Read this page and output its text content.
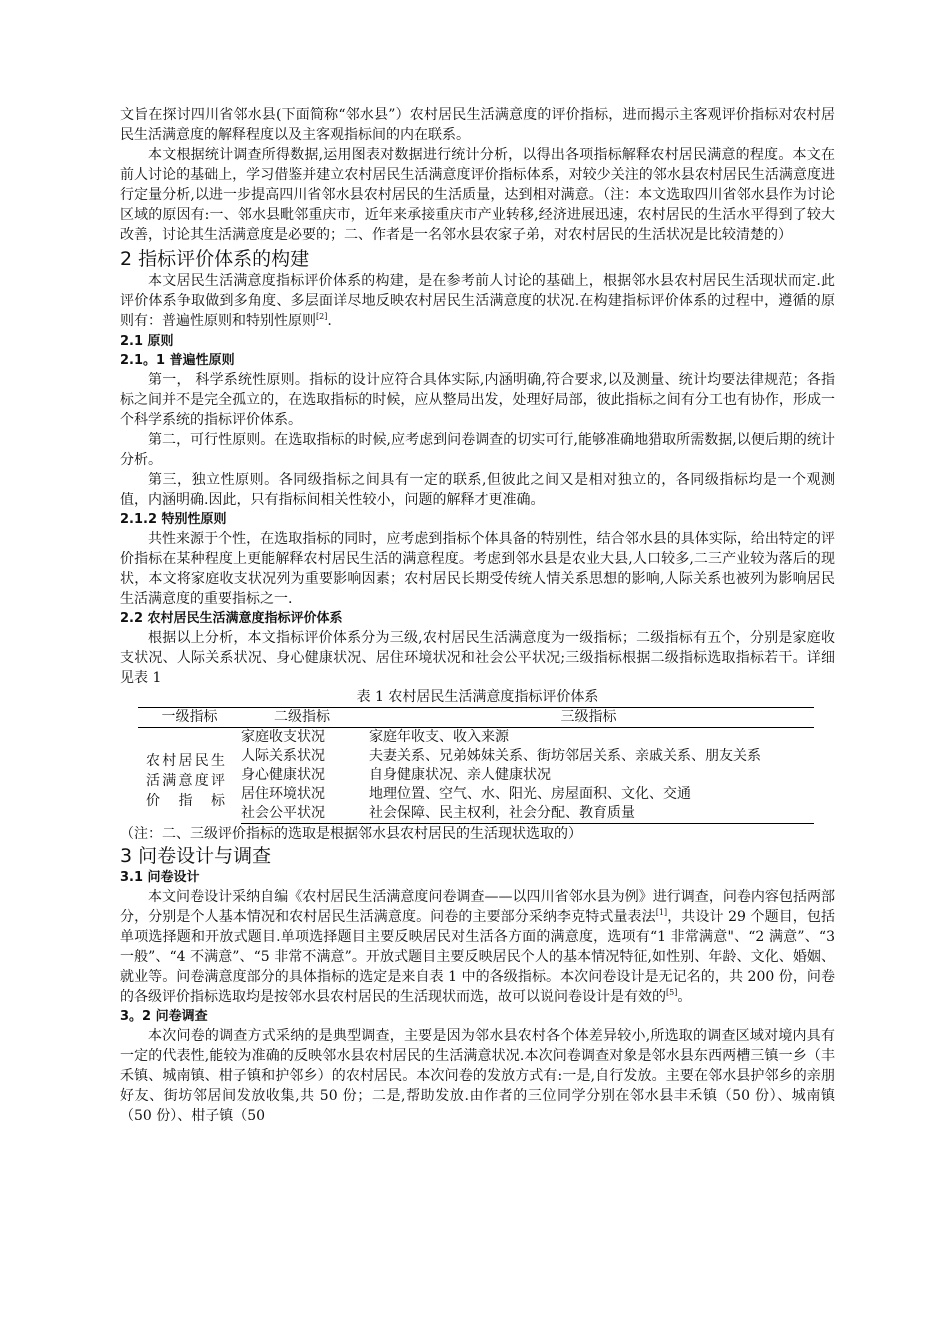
文旨在探讨四川省邻水县(下面简称“邻水县”）农村居民生活满意度的评价指标，进而揭示主客观评价指标对农村居民生活满意度的解释程度以及主客观指标间的内在联系。

本文根据统计调查所得数据,运用图表对数据进行统计分析，以得出各项指标解释农村居民满意的程度。本文在前人讨论的基础上，学习借鉴并建立农村居民生活满意度评价指标体系，对较少关注的邻水县农村居民生活满意度进行定量分析,以进一步提高四川省邻水县农村居民的生活质量，达到相对满意。（注：本文选取四川省邻水县作为讨论区域的原因有:一、邻水县毗邻重庆市，近年来承接重庆市产业转移,经济进展迅速，农村居民的生活水平得到了较大改善，讨论其生活满意度是必要的；二、作者是一名邻水县农家子弟，对农村居民的生活状况是比较清楚的）

2 指标评价体系的构建

本文居民生活满意度指标评价体系的构建，是在参考前人讨论的基础上，根据邻水县农村居民生活现状而定.此评价体系争取做到多角度、多层面详尽地反映农村居民生活满意度的状况.在构建指标评价体系的过程中，遵循的原则有：普遍性原则和特别性原则[2].

2.1 原则
2.1。1 普遍性原则

第一， 科学系统性原则。指标的设计应符合具体实际,内涵明确,符合要求,以及测量、统计均要法律规范；各指标之间并不是完全孤立的，在选取指标的时候，应从整局出发，处理好局部，彼此指标之间有分工也有协作，形成一个科学系统的指标评价体系。

第二，可行性原则。在选取指标的时候,应考虑到问卷调查的切实可行,能够准确地猎取所需数据,以便后期的统计分析。

第三，独立性原则。各同级指标之间具有一定的联系,但彼此之间又是相对独立的，各同级指标均是一个观测值，内涵明确.因此，只有指标间相关性较小，问题的解释才更准确。

2.1.2 特别性原则

共性来源于个性，在选取指标的同时，应考虑到指标个体具备的特别性，结合邻水县的具体实际，给出特定的评价指标在某种程度上更能解释农村居民生活的满意程度。考虑到邻水县是农业大县,人口较多,二三产业较为落后的现状，本文将家庭收支状况列为重要影响因素；农村居民长期受传统人情关系思想的影响,人际关系也被列为影响居民生活满意度的重要指标之一.

2.2 农村居民生活满意度指标评价体系

根据以上分析，本文指标评价体系分为三级,农村居民生活满意度为一级指标；二级指标有五个，分别是家庭收支状况、人际关系状况、身心健康状况、居住环境状况和社会公平状况;三级指标根据二级指标选取指标若干。详细见表 1

表 1 农村居民生活满意度指标评价体系

一级指标	二级指标	三级指标
农村居民生活满意度评价指标	家庭收支状况	家庭年收支、收入来源
	人际关系状况	夫妻关系、兄弟姊妹关系、街坊邻居关系、亲戚关系、朋友关系
	身心健康状况	自身健康状况、亲人健康状况
	居住环境状况	地理位置、空气、水、阳光、房屋面积、文化、交通
	社会公平状况	社会保障、民主权利，社会分配、教育质量

（注：二、三级评价指标的选取是根据邻水县农村居民的生活现状选取的）

3 问卷设计与调查
3.1 问卷设计

本文问卷设计采纳自编《农村居民生活满意度问卷调查——以四川省邻水县为例》进行调查，问卷内容包括两部分，分别是个人基本情况和农村居民生活满意度。问卷的主要部分采纳李克特式量表法[1]，共设计 29 个题目，包括单项选择题和开放式题目.单项选择题目主要反映居民对生活各方面的满意度，选项有“1 非常满意"、“2 满意”、“3 一般”、“4 不满意”、“5 非常不满意”。开放式题目主要反映居民个人的基本情况特征,如性别、年龄、文化、婚姻、就业等。问卷满意度部分的具体指标的选定是来自表 1 中的各级指标。本次问卷设计是无记名的，共 200 份，问卷的各级评价指标选取均是按邻水县农村居民的生活现状而选，故可以说问卷设计是有效的[5]。

3。2 问卷调查

本次问卷的调查方式采纳的是典型调查，主要是因为邻水县农村各个体差异较小,所选取的调查区域对境内具有一定的代表性,能较为准确的反映邻水县农村居民的生活满意状况.本次问卷调查对象是邻水县东西两槽三镇一乡（丰禾镇、城南镇、柑子镇和护邻乡）的农村居民。本次问卷的发放方式有:一是,自行发放。主要在邻水县护邻乡的亲朋好友、街坊邻居间发放收集,共 50 份；二是,帮助发放.由作者的三位同学分别在邻水县丰禾镇（50 份）、城南镇（50 份）、柑子镇（50
